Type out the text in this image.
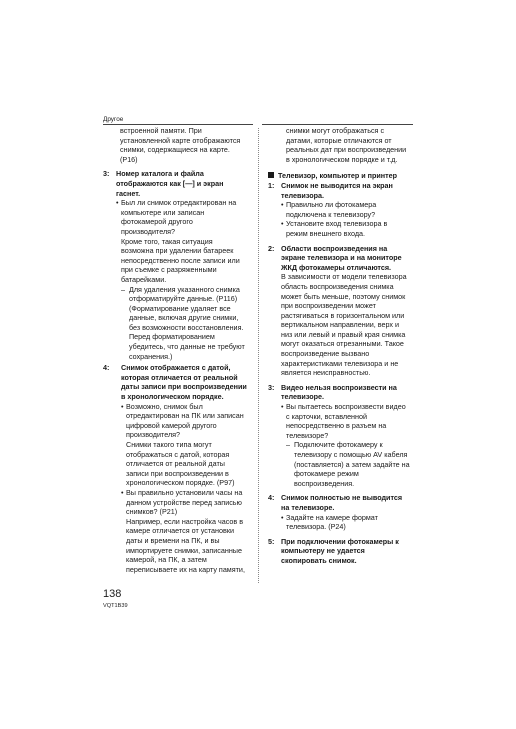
Другое

встроенной памяти. При

установленной карте отображаются

снимки, содержащиеся на карте.

(P16)

3: Номер каталога и файла

отображаются как [—] и экран

гаснет.

• Был ли снимок отредактирован на

компьютере или записан

фотокамерой другого

производителя?

Кроме того, такая ситуация

возможна при удалении батареек

непосредственно после записи или

при съемке с разряженными

батарейками.

– Для удаления указанного снимка

отформатируйте данные. (P116)

(Форматирование удаляет все

данные, включая другие снимки,

без возможности восстановления.

Перед форматированием

убедитесь, что данные не требуют

сохранения.)

4:	Снимок отображается с датой,

которая отличается от реальной

даты записи при воспроизведении

в хронологическом порядке.

• Возможно, снимок был

отредактирован на ПК или записан

цифровой камерой другого

производителя?

Снимки такого типа могут

отображаться с датой, которая

отличается от реальной даты

записи при воспроизведении в

хронологическом порядке. (P97)

• Вы правильно установили часы на

данном устройстве перед записью

снимков? (P21)

Например, если настройка часов в

камере отличается от установки

даты и времени на ПК, и вы

импортируете снимки, записанные

камерой, на ПК, а затем

переписываете их на карту памяти,

снимки могут отображаться с

датами, которые отличаются от

реальных дат при воспроизведении

в хронологическом порядке и т.д.

Телевизор, компьютер и принтер
1: Снимок не выводится на экран

телевизора.

• Правильно ли фотокамера

подключена к телевизору?

• Установите вход телевизора в

режим внешнего входа.

2: Области воспроизведения на

экране телевизора и на мониторе

ЖКД фотокамеры отличаются.

В зависимости от модели телевизора

область воспроизведения снимка

может быть меньше, поэтому снимок

при воспроизведении может

растягиваться в горизонтальном или

вертикальном направлении, верх и

низ или левый и правый края снимка

могут оказаться отрезанными. Такое

воспроизведение вызвано

характеристиками телевизора и не

является неисправностью.

3: Видео нельзя воспроизвести на

телевизоре.

• Вы пытаетесь воспроизвести видео

с карточки, вставленной

непосредственно в разъем на

телевизоре?

– Подключите фотокамеру к

телевизору с помощью AV кабеля

(поставляется) а затем задайте на

фотокамере режим

воспроизведения.

4: Снимок полностью не выводится

на телевизоре.

• Задайте на камере формат

телевизора. (P24)

5: При подключении фотокамеры к

компьютеру не удается

скопировать снимок.

138
VQT1B39
